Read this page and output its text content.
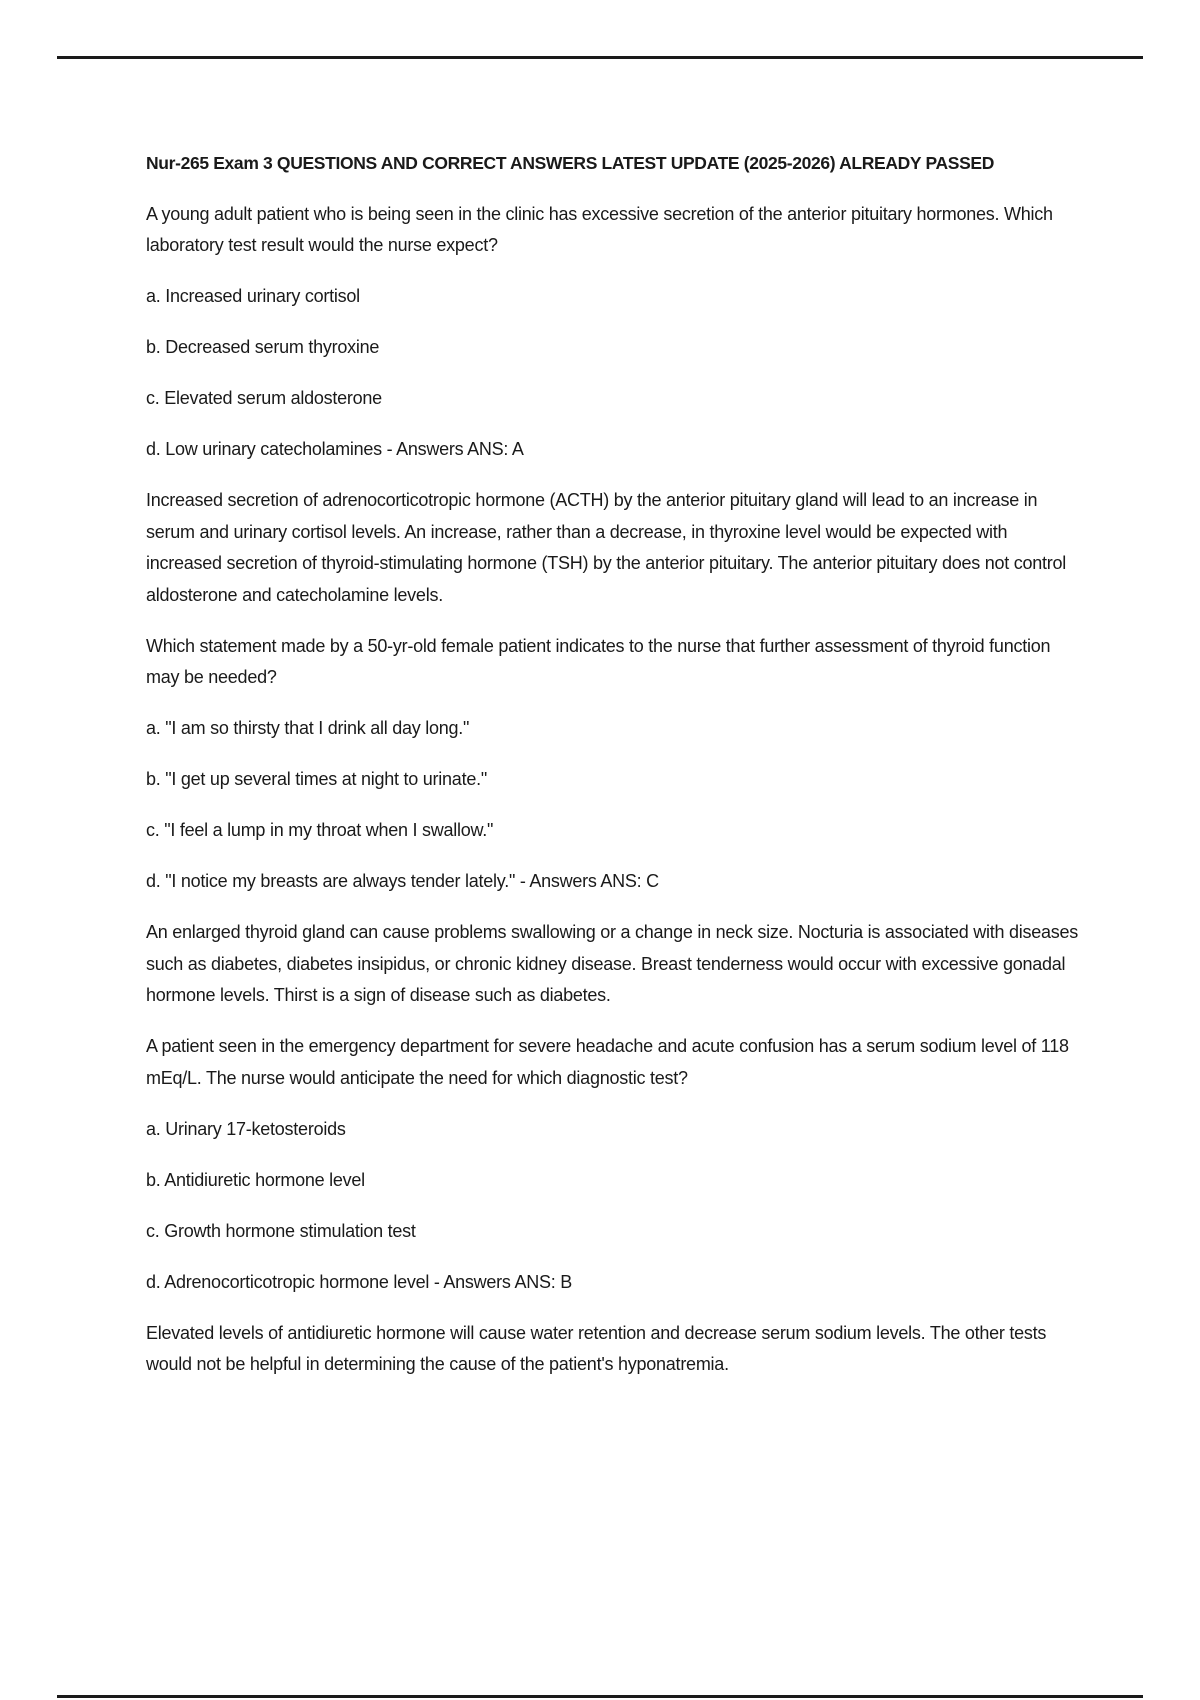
Nur-265 Exam 3 QUESTIONS AND CORRECT ANSWERS LATEST UPDATE (2025-2026) ALREADY PASSED

A young adult patient who is being seen in the clinic has excessive secretion of the anterior pituitary hormones. Which laboratory test result would the nurse expect?

a. Increased urinary cortisol

b. Decreased serum thyroxine

c. Elevated serum aldosterone

d. Low urinary catecholamines - Answers ANS: A

Increased secretion of adrenocorticotropic hormone (ACTH) by the anterior pituitary gland will lead to an increase in serum and urinary cortisol levels. An increase, rather than a decrease, in thyroxine level would be expected with increased secretion of thyroid-stimulating hormone (TSH) by the anterior pituitary. The anterior pituitary does not control aldosterone and catecholamine levels.

Which statement made by a 50-yr-old female patient indicates to the nurse that further assessment of thyroid function may be needed?

a. "I am so thirsty that I drink all day long."

b. "I get up several times at night to urinate."

c. "I feel a lump in my throat when I swallow."

d. "I notice my breasts are always tender lately." - Answers ANS: C

An enlarged thyroid gland can cause problems swallowing or a change in neck size. Nocturia is associated with diseases such as diabetes, diabetes insipidus, or chronic kidney disease. Breast tenderness would occur with excessive gonadal hormone levels. Thirst is a sign of disease such as diabetes.

A patient seen in the emergency department for severe headache and acute confusion has a serum sodium level of 118 mEq/L. The nurse would anticipate the need for which diagnostic test?

a. Urinary 17-ketosteroids

b. Antidiuretic hormone level

c. Growth hormone stimulation test

d. Adrenocorticotropic hormone level - Answers ANS: B

Elevated levels of antidiuretic hormone will cause water retention and decrease serum sodium levels. The other tests would not be helpful in determining the cause of the patient's hyponatremia.
